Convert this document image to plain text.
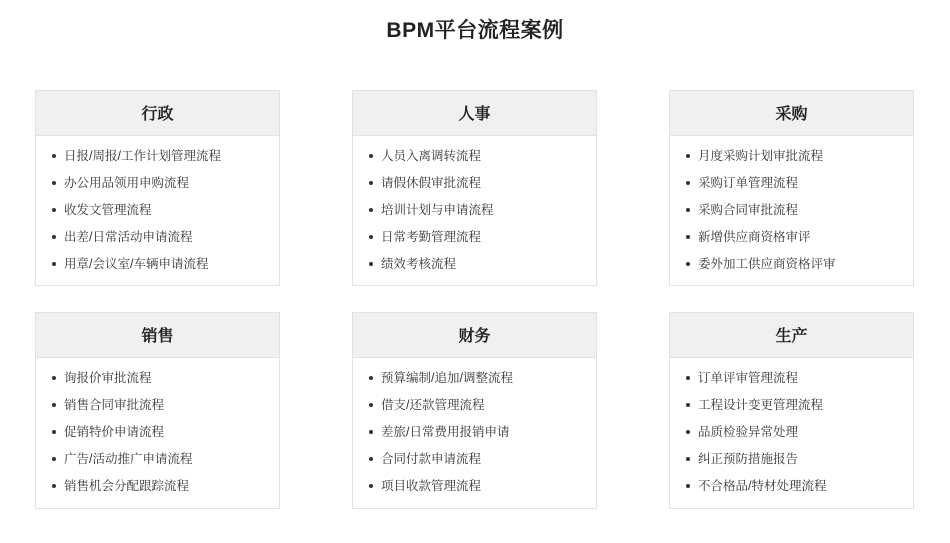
BPM平台流程案例
行政
日报/周报/工作计划管理流程
办公用品领用申购流程
收发文管理流程
出差/日常活动申请流程
用章/会议室/车辆申请流程
人事
人员入离调转流程
请假休假审批流程
培训计划与申请流程
日常考勤管理流程
绩效考核流程
采购
月度采购计划审批流程
采购订单管理流程
采购合同审批流程
新增供应商资格审评
委外加工供应商资格评审
销售
询报价审批流程
销售合同审批流程
促销特价申请流程
广告/活动推广申请流程
销售机会分配跟踪流程
财务
预算编制/追加/调整流程
借支/还款管理流程
差旅/日常费用报销申请
合同付款申请流程
项目收款管理流程
生产
订单评审管理流程
工程设计变更管理流程
品质检验异常处理
纠正预防措施报告
不合格品/特材处理流程
